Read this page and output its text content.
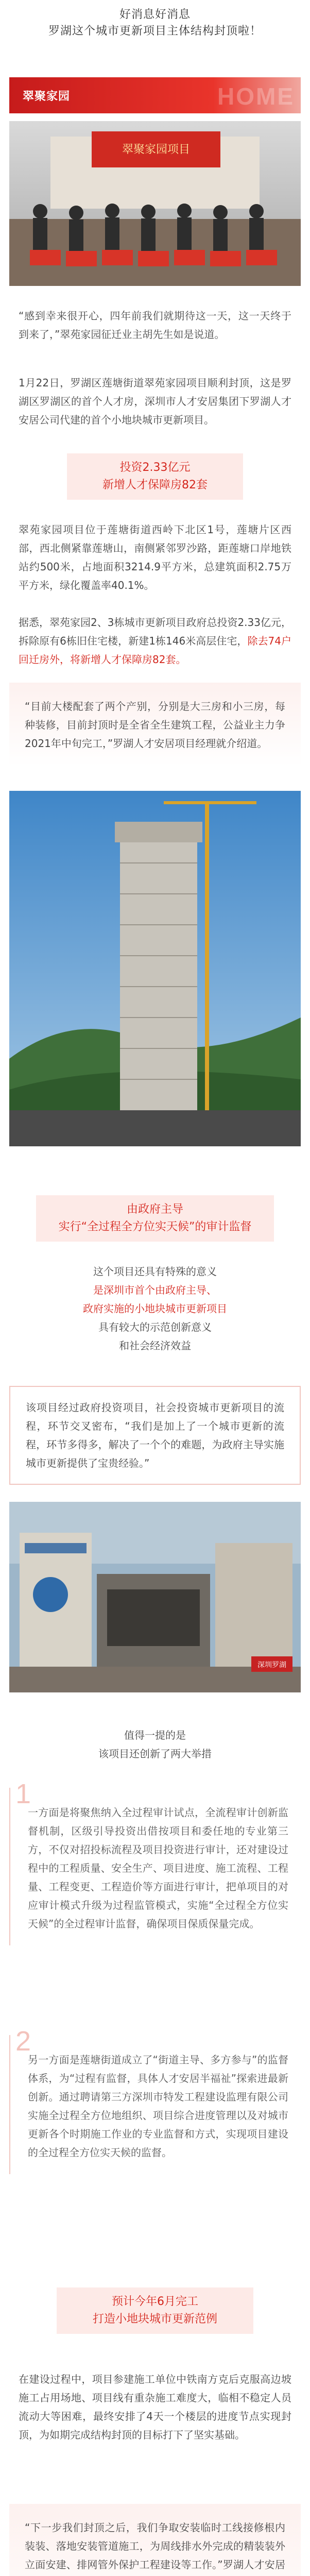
好消息好消息
罗湖这个城市更新项目主体结构封顶啦！
翠聚家园	HOME
翠聚家园项目
“感到幸来很开心，四年前我们就期待这一天，这一天终于到来了，”翠苑家园征迁业主胡先生如是说道。
1月22日，罗湖区莲塘街道翠苑家园项目顺利封顶，这是罗湖区罗湖区的首个人才房，深圳市人才安居集团下罗湖人才安居公司代建的首个小地块城市更新项目。
投资2.33亿元
新增人才保障房82套
翠苑家园项目位于莲塘街道西岭下北区1号，莲塘片区西部，西北侧紧靠莲塘山，南侧紧邻罗沙路，距莲塘口岸地铁站约500米，占地面积3214.9平方米，总建筑面积2.75万平方米，绿化覆盖率40.1%。
据悉，翠苑家园2、3栋城市更新项目政府总投资2.33亿元，拆除原有6栋旧住宅楼，新建1栋146米高层住宅，除去74户回迁房外，将新增人才保障房82套。
“目前大楼配套了两个产别，分别是大三房和小三房，每种装修，目前封顶时是全省全生建筑工程，公益业主力争2021年中旬完工，”罗湖人才安居项目经理就介绍道。
由政府主导
实行“全过程全方位实天候”的审计监督
这个项目还具有特殊的意义
是深圳市首个由政府主导、
政府实施的小地块城市更新项目
具有较大的示范创新意义
和社会经济效益
该项目经过政府投资项目，社会投资城市更新项目的流程，环节交叉密布，“我们是加上了一个城市更新的流程，环节多得多，解决了一个个的难题，为政府主导实施城市更新提供了宝贵经验。”
深圳罗湖
值得一提的是
该项目还创新了两大举措
1
一方面是将聚焦纳入全过程审计试点，全流程审计创新监督机制，区级引导投资出借按项目和委任地的专业第三方，不仅对招投标流程及项目投资进行审计，还对建设过程中的工程质量、安全生产、项目进度、施工流程、工程量、工程变更、工程造价等方面进行审计，把单项目的对应审计模式升级为过程监管模式，实施“全过程全方位实天候”的全过程审计监督，确保项目保质保量完成。
2
另一方面是莲塘街道成立了“街道主导、多方参与”的监督体系，为“过程有监督，具体人才安居半福祉”探索进最新创新。通过聘请第三方深圳市特发工程建设监理有限公司实施全过程全方位地组织、项目综合进度管理以及对城市更新各个时期施工作业的专业监督和方式，实现项目建设的全过程全方位实天候的监督。
预计今年6月完工
打造小地块城市更新范例
在建设过程中，项目参建施工单位中铁南方克后克服高边坡施工占用场地、项目线有重杂施工难度大，临相不稳定人员流动大等困难，最终安排了4天一个楼层的进度节点实现封顶，为如期完成结构封顶的目标打下了坚实基础。
“下一步我们封顶之后，我们争取安装临时工线接修根内装装、落地安装管道施工，为周线排水外完成的精装装外立面安建、排网管外保护工程建设等工作。”罗湖人才安居
